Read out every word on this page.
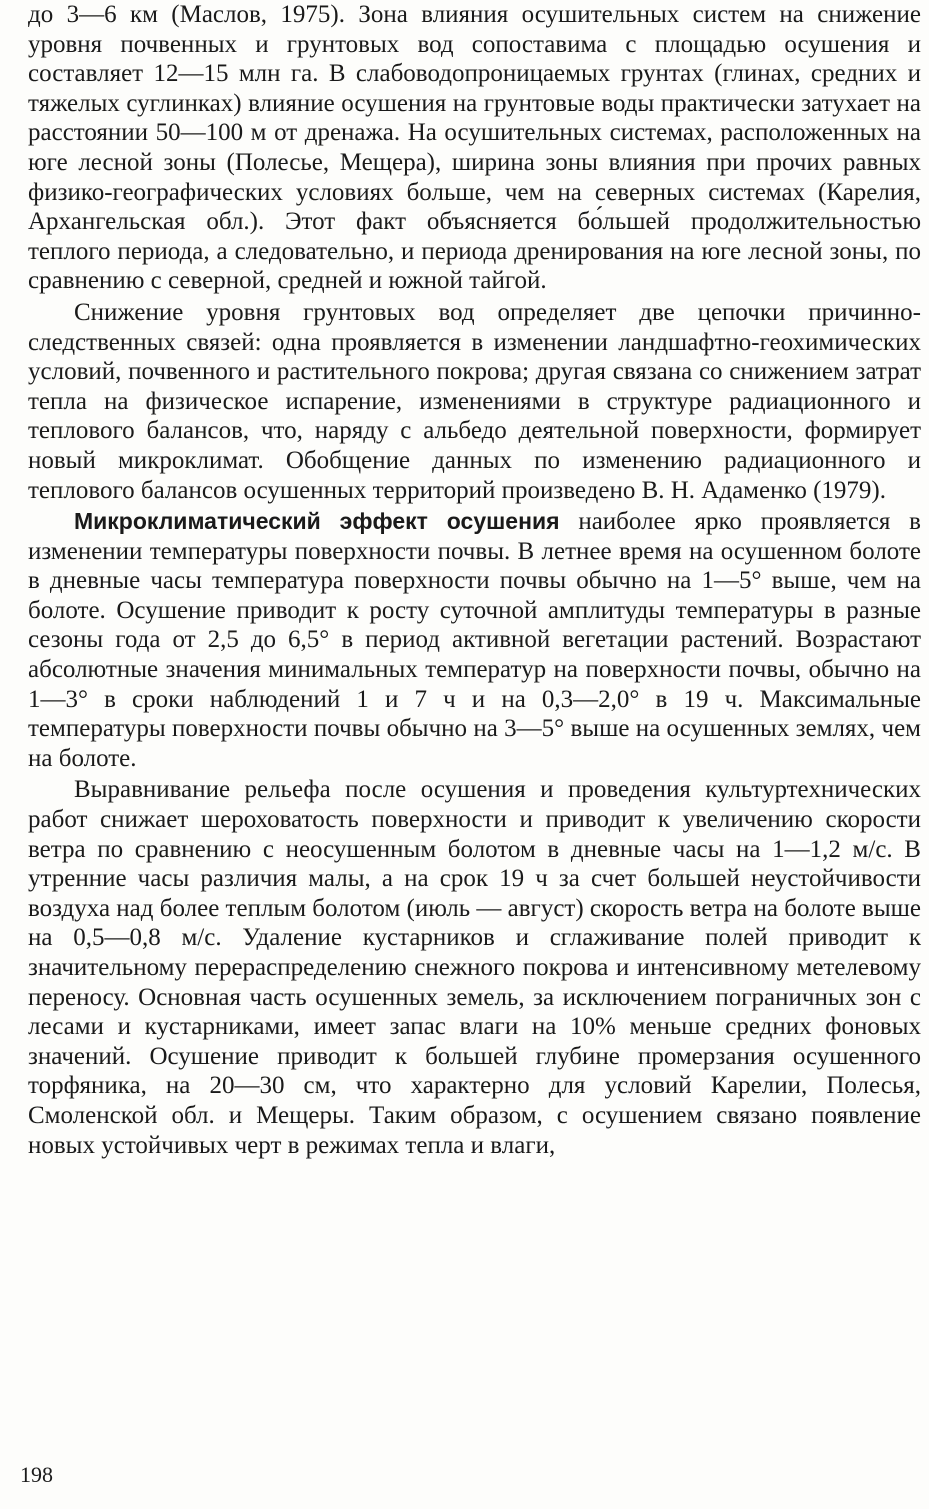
до 3—6 км (Маслов, 1975). Зона влияния осушительных систем на снижение уровня почвенных и грунтовых вод сопоставима с площадью осушения и составляет 12—15 млн га. В слабоводопроницаемых грунтах (глинах, средних и тяжелых суглинках) влияние осушения на грунтовые воды практически затухает на расстоянии 50—100 м от дренажа. На осушительных системах, расположенных на юге лесной зоны (Полесье, Мещера), ширина зоны влияния при прочих равных физико-географических условиях больше, чем на северных системах (Карелия, Архангельская обл.). Этот факт объясняется бо́льшей продолжительностью теплого периода, а следовательно, и периода дренирования на юге лесной зоны, по сравнению с северной, средней и южной тайгой.

Снижение уровня грунтовых вод определяет две цепочки причинно-следственных связей: одна проявляется в изменении ландшафтно-геохимических условий, почвенного и растительного покрова; другая связана со снижением затрат тепла на физическое испарение, изменениями в структуре радиационного и теплового балансов, что, наряду с альбедо деятельной поверхности, формирует новый микроклимат. Обобщение данных по изменению радиационного и теплового балансов осушенных территорий произведено В. Н. Адаменко (1979).

Микроклиматический эффект осушения наиболее ярко проявляется в изменении температуры поверхности почвы. В летнее время на осушенном болоте в дневные часы температура поверхности почвы обычно на 1—5° выше, чем на болоте. Осушение приводит к росту суточной амплитуды температуры в разные сезоны года от 2,5 до 6,5° в период активной вегетации растений. Возрастают абсолютные значения минимальных температур на поверхности почвы, обычно на 1—3° в сроки наблюдений 1 и 7 ч и на 0,3—2,0° в 19 ч. Максимальные температуры поверхности почвы обычно на 3—5° выше на осушенных землях, чем на болоте.

Выравнивание рельефа после осушения и проведения культуртехнических работ снижает шероховатость поверхности и приводит к увеличению скорости ветра по сравнению с неосушенным болотом в дневные часы на 1—1,2 м/с. В утренние часы различия малы, а на срок 19 ч за счет большей неустойчивости воздуха над более теплым болотом (июль — август) скорость ветра на болоте выше на 0,5—0,8 м/с. Удаление кустарников и сглаживание полей приводит к значительному перераспределению снежного покрова и интенсивному метелевому переносу. Основная часть осушенных земель, за исключением пограничных зон с лесами и кустарниками, имеет запас влаги на 10% меньше средних фоновых значений. Осушение приводит к большей глубине промерзания осушенного торфяника, на 20—30 см, что характерно для условий Карелии, Полесья, Смоленской обл. и Мещеры. Таким образом, с осушением связано появление новых устойчивых черт в режимах тепла и влаги,

198
